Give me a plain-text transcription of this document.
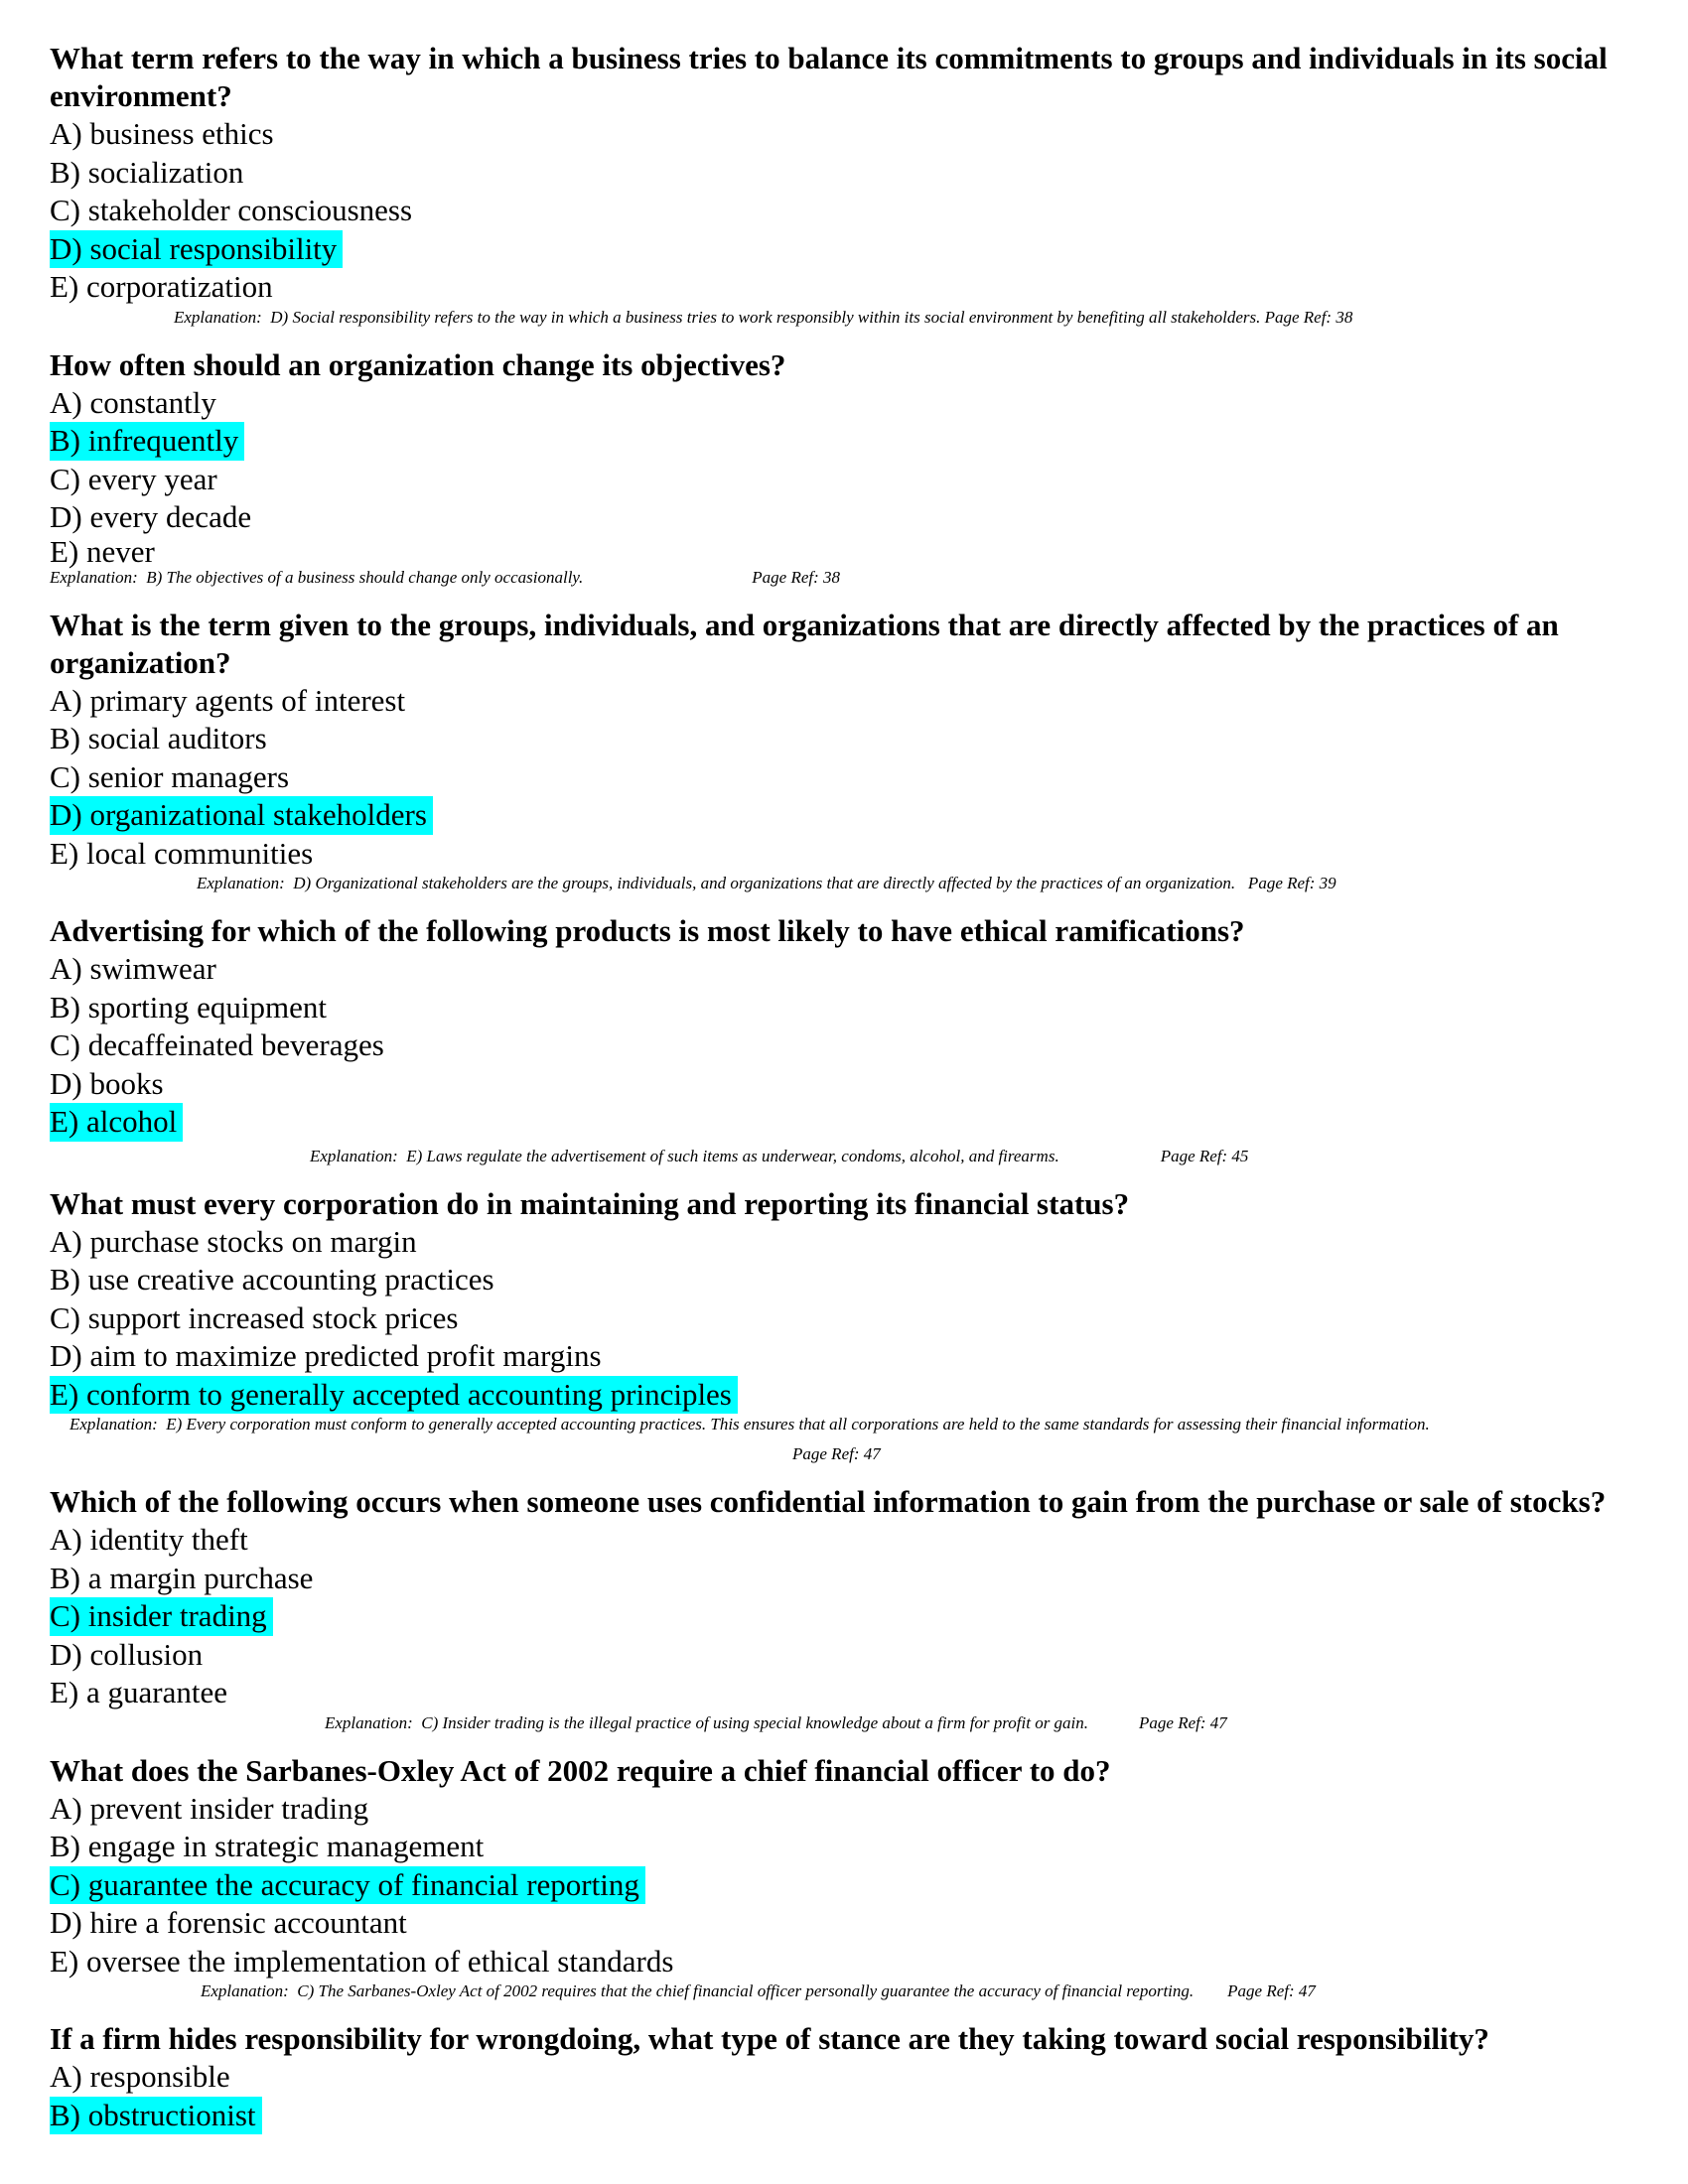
What term refers to the way in which a business tries to balance its commitments to groups and individuals in its social environment?

A) business ethics

B) socialization

C) stakeholder consciousness

D) social responsibility

E) corporatization

Explanation:  D) Social responsibility refers to the way in which a business tries to work responsibly within its social environment by benefiting all stakeholders. Page Ref: 38

How often should an organization change its objectives?

A) constantly

B) infrequently

C) every year

D) every decade

E) never

Explanation:  B) The objectives of a business should change only occasionally.                                        Page Ref: 38

What is the term given to the groups, individuals, and organizations that are directly affected by the practices of an organization?

A) primary agents of interest

B) social auditors

C) senior managers

D) organizational stakeholders

E) local communities

Explanation:  D) Organizational stakeholders are the groups, individuals, and organizations that are directly affected by the practices of an organization.   Page Ref: 39

Advertising for which of the following products is most likely to have ethical ramifications?

A) swimwear

B) sporting equipment

C) decaffeinated beverages

D) books

E) alcohol

Explanation:  E) Laws regulate the advertisement of such items as underwear, condoms, alcohol, and firearms.                        Page Ref: 45

What must every corporation do in maintaining and reporting its financial status?

A) purchase stocks on margin

B) use creative accounting practices

C) support increased stock prices

D) aim to maximize predicted profit margins

E) conform to generally accepted accounting principles

Explanation:  E) Every corporation must conform to generally accepted accounting practices. This ensures that all corporations are held to the same standards for assessing their financial information.

Page Ref: 47

Which of the following occurs when someone uses confidential information to gain from the purchase or sale of stocks?

A) identity theft

B) a margin purchase

C) insider trading

D) collusion

E) a guarantee

Explanation:  C) Insider trading is the illegal practice of using special knowledge about a firm for profit or gain.            Page Ref: 47

What does the Sarbanes-Oxley Act of 2002 require a chief financial officer to do?

A) prevent insider trading

B) engage in strategic management

C) guarantee the accuracy of financial reporting

D) hire a forensic accountant

E) oversee the implementation of ethical standards

Explanation:  C) The Sarbanes-Oxley Act of 2002 requires that the chief financial officer personally guarantee the accuracy of financial reporting.        Page Ref: 47

If a firm hides responsibility for wrongdoing, what type of stance are they taking toward social responsibility?

A) responsible

B) obstructionist
